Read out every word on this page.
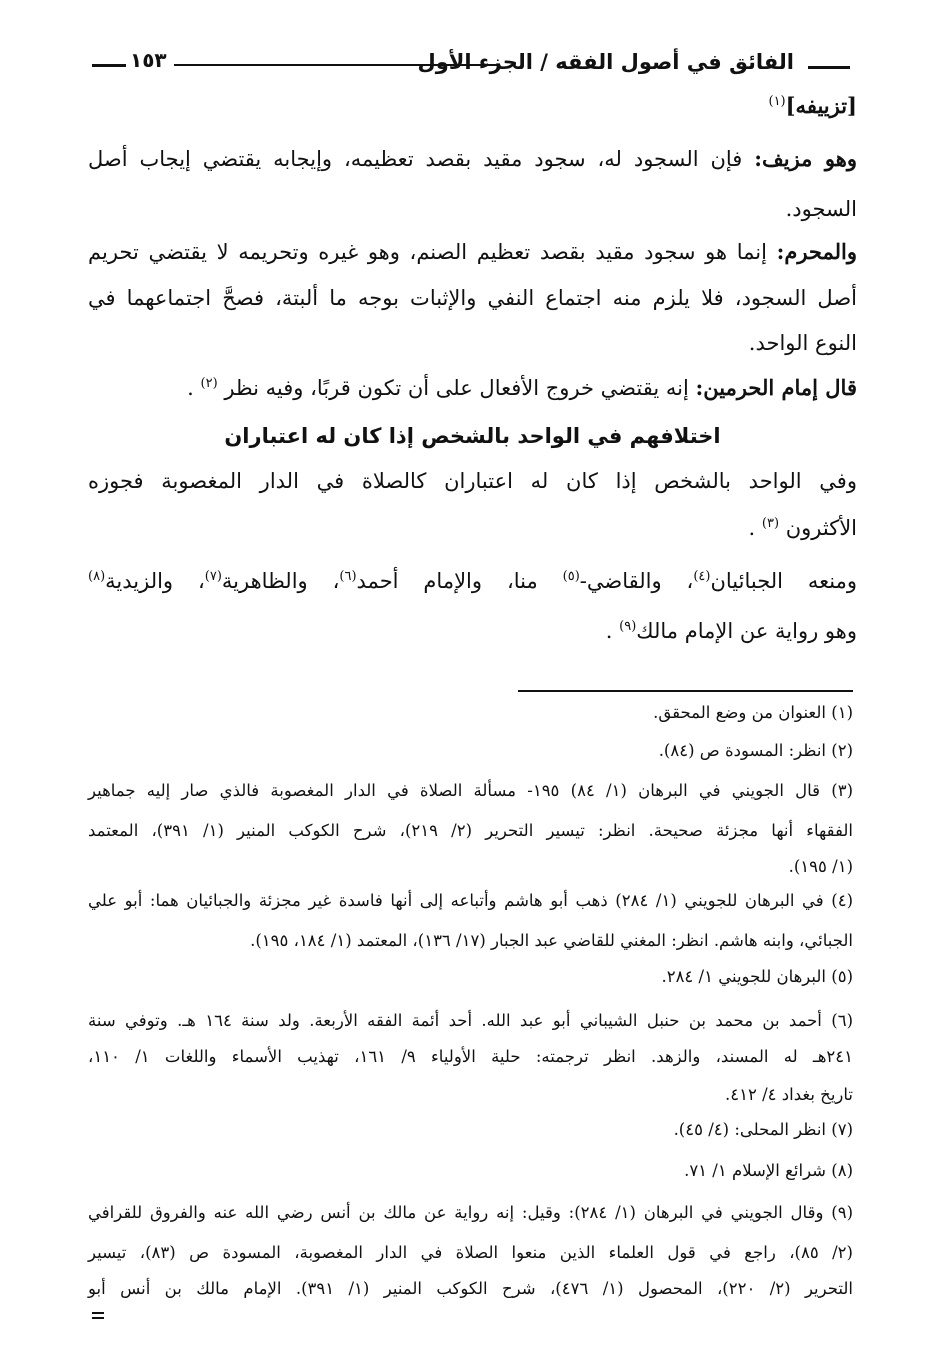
الفائق في أصول الفقه / الجزء الأول
١٥٣
[تزييفه]$^{(١)}$
وهو مزيف: فإن السجود له، سجود مقيد بقصد تعظيمه، وإيجابه يقتضي إيجاب أصل
السجود.
والمحرم: إنما هو سجود مقيد بقصد تعظيم الصنم، وهو غيره وتحريمه لا يقتضي تحريم
أصل السجود، فلا يلزم منه اجتماع النفي والإثبات بوجه ما ألبتة، فصحَّ اجتماعهما في
النوع الواحد.
قال إمام الحرمين: إنه يقتضي خروج الأفعال على أن تكون قربًا، وفيه نظر $^{(٢)}$ .
اختلافهم في الواحد بالشخص إذا كان له اعتباران
وفي الواحد بالشخص إذا كان له اعتباران كالصلاة في الدار المغصوبة فجوزه
الأكثرون $^{(٣)}$ .
ومنعه الجبائيان$^{(٤)}$، والقاضي-$^{(٥)}$ منا، والإمام أحمد$^{(٦)}$، والظاهرية$^{(٧)}$، والزيدية$^{(٨)}$
وهو رواية عن الإمام مالك$^{(٩)}$ .
(١) العنوان من وضع المحقق.
(٢) انظر: المسودة ص (٨٤).
(٣) قال الجويني في البرهان (١/ ٨٤) ١٩٥- مسألة الصلاة في الدار المغصوبة فالذي صار إليه جماهير
الفقهاء أنها مجزئة صحيحة. انظر: تيسير التحرير (٢/ ٢١٩)، شرح الكوكب المنير (١/ ٣٩١)، المعتمد
(١/ ١٩٥).
(٤) في البرهان للجويني (١/ ٢٨٤) ذهب أبو هاشم وأتباعه إلى أنها فاسدة غير مجزئة والجبائيان هما: أبو علي
الجبائي، وابنه هاشم. انظر: المغني للقاضي عبد الجبار (١٧/ ١٣٦)، المعتمد (١/ ١٨٤، ١٩٥).
(٥) البرهان للجويني ١/ ٢٨٤.
(٦) أحمد بن محمد بن حنبل الشيباني أبو عبد الله. أحد أئمة الفقه الأربعة. ولد سنة ١٦٤ هـ. وتوفي سنة
٢٤١هـ له المسند، والزهد. انظر ترجمته: حلية الأولياء ٩/ ١٦١، تهذيب الأسماء واللغات ١/ ١١٠،
تاريخ بغداد ٤/ ٤١٢.
(٧) انظر المحلى: (٤/ ٤٥).
(٨) شرائع الإسلام ١/ ٧١.
(٩) وقال الجويني في البرهان (١/ ٢٨٤): وقيل: إنه رواية عن مالك بن أنس رضي الله عنه والفروق للقرافي
(٢/ ٨٥)، راجع في قول العلماء الذين منعوا الصلاة في الدار المغصوبة، المسودة ص (٨٣)، تيسير
التحرير (٢/ ٢٢٠)، المحصول (١/ ٤٧٦)، شرح الكوكب المنير (١/ ٣٩١). الإمام مالك بن أنس أبو
